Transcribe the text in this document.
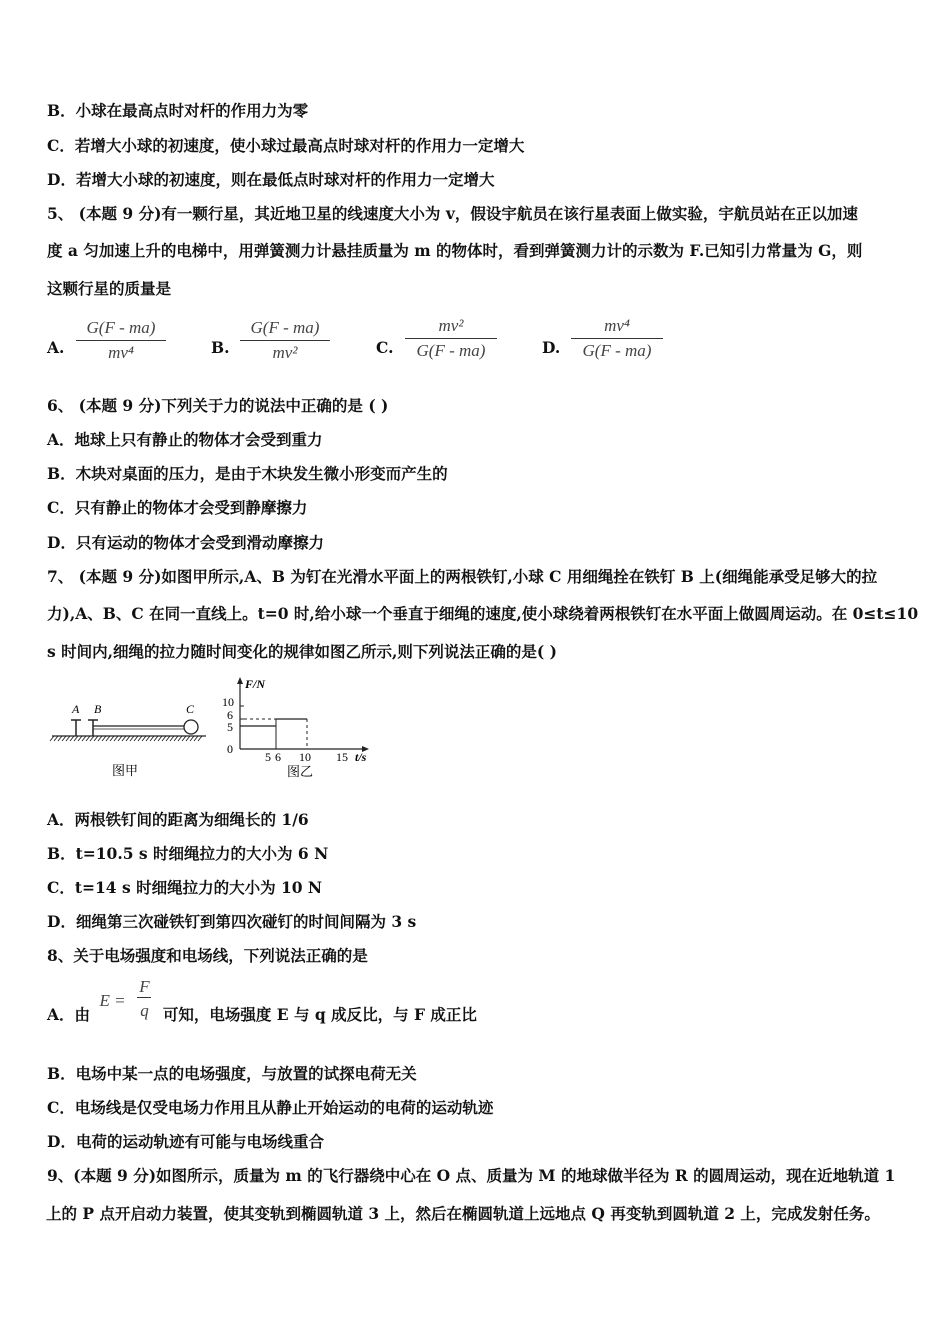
B．小球在最高点时对杆的作用力为零
C．若增大小球的初速度，使小球过最高点时球对杆的作用力一定增大
D．若增大小球的初速度，则在最低点时球对杆的作用力一定增大
5、 (本题 9 分)有一颗行星，其近地卫星的线速度大小为 v，假设宇航员在该行星表面上做实验，宇航员站在正以加速
度 a 匀加速上升的电梯中，用弹簧测力计悬挂质量为 m 的物体时，看到弹簧测力计的示数为 F.已知引力常量为 G，则
这颗行星的质量是
A.
G(F - ma)
mv⁴	B.
G(F - ma)
mv²	C.
mv²
G(F - ma)	D.
mv⁴
G(F - ma)
6、 (本题 9 分)下列关于力的说法中正确的是 ( )
A．地球上只有静止的物体才会受到重力
B．木块对桌面的压力，是由于木块发生微小形变而产生的
C．只有静止的物体才会受到静摩擦力
D．只有运动的物体才会受到滑动摩擦力
7、 (本题 9 分)如图甲所示,A、B 为钉在光滑水平面上的两根铁钉,小球 C 用细绳拴在铁钉 B 上(细绳能承受足够大的拉
力),A、B、C 在同一直线上。t=0 时,给小球一个垂直于细绳的速度,使小球绕着两根铁钉在水平面上做圆周运动。在 0≤t≤10
s 时间内,细绳的拉力随时间变化的规律如图乙所示,则下列说法正确的是( )
A B	C
图甲
F/N
t/s
10
6
5
0
5 6 10 15
图乙
A．两根铁钉间的距离为细绳长的 1/6
B．t=10.5 s 时细绳拉力的大小为 6 N
C．t=14 s 时细绳拉力的大小为 10 N
D．细绳第三次碰铁钉到第四次碰钉的时间间隔为 3 s
8、关于电场强度和电场线，下列说法正确的是
A．由
E =
F
q 可知，电场强度 E 与 q 成反比，与 F 成正比
B．电场中某一点的电场强度，与放置的试探电荷无关
C．电场线是仅受电场力作用且从静止开始运动的电荷的运动轨迹
D．电荷的运动轨迹有可能与电场线重合
9、(本题 9 分)如图所示，质量为 m 的飞行器绕中心在 O 点、质量为 M 的地球做半径为 R 的圆周运动，现在近地轨道 1
上的 P 点开启动力装置，使其变轨到椭圆轨道 3 上，然后在椭圆轨道上远地点 Q 再变轨到圆轨道 2 上，完成发射任务。
